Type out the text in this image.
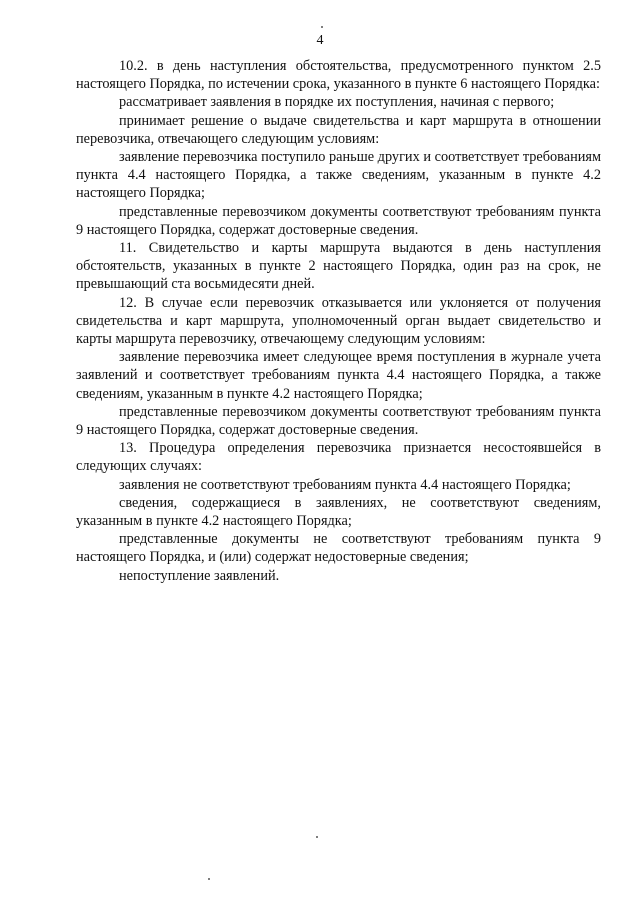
4

10.2. в день наступления обстоятельства, предусмотренного пунктом 2.5 настоящего Порядка, по истечении срока, указанного в пункте 6 настоящего Порядка:

рассматривает заявления в порядке их поступления, начиная с первого;

принимает решение о выдаче свидетельства и карт маршрута в отношении перевозчика, отвечающего следующим условиям:

заявление перевозчика поступило раньше других и соответствует требованиям пункта 4.4 настоящего Порядка, а также сведениям, указанным в пункте 4.2 настоящего Порядка;

представленные перевозчиком документы соответствуют требованиям пункта 9 настоящего Порядка, содержат достоверные сведения.

11. Свидетельство и карты маршрута выдаются в день наступления обстоятельств, указанных в пункте 2 настоящего Порядка, один раз на срок, не превышающий ста восьмидесяти дней.

12. В случае если перевозчик отказывается или уклоняется от получения свидетельства и карт маршрута, уполномоченный орган выдает свидетельство и карты маршрута перевозчику, отвечающему следующим условиям:

заявление перевозчика имеет следующее время поступления в журнале учета заявлений и соответствует требованиям пункта 4.4 настоящего Порядка, а также сведениям, указанным в пункте 4.2 настоящего Порядка;

представленные перевозчиком документы соответствуют требованиям пункта 9 настоящего Порядка, содержат достоверные сведения.

13. Процедура определения перевозчика признается несостоявшейся в следующих случаях:

заявления не соответствуют требованиям пункта 4.4 настоящего Порядка;

сведения, содержащиеся в заявлениях, не соответствуют сведениям, указанным в пункте 4.2 настоящего Порядка;

представленные документы не соответствуют требованиям пункта 9 настоящего Порядка, и (или) содержат недостоверные сведения;

непоступление заявлений.
